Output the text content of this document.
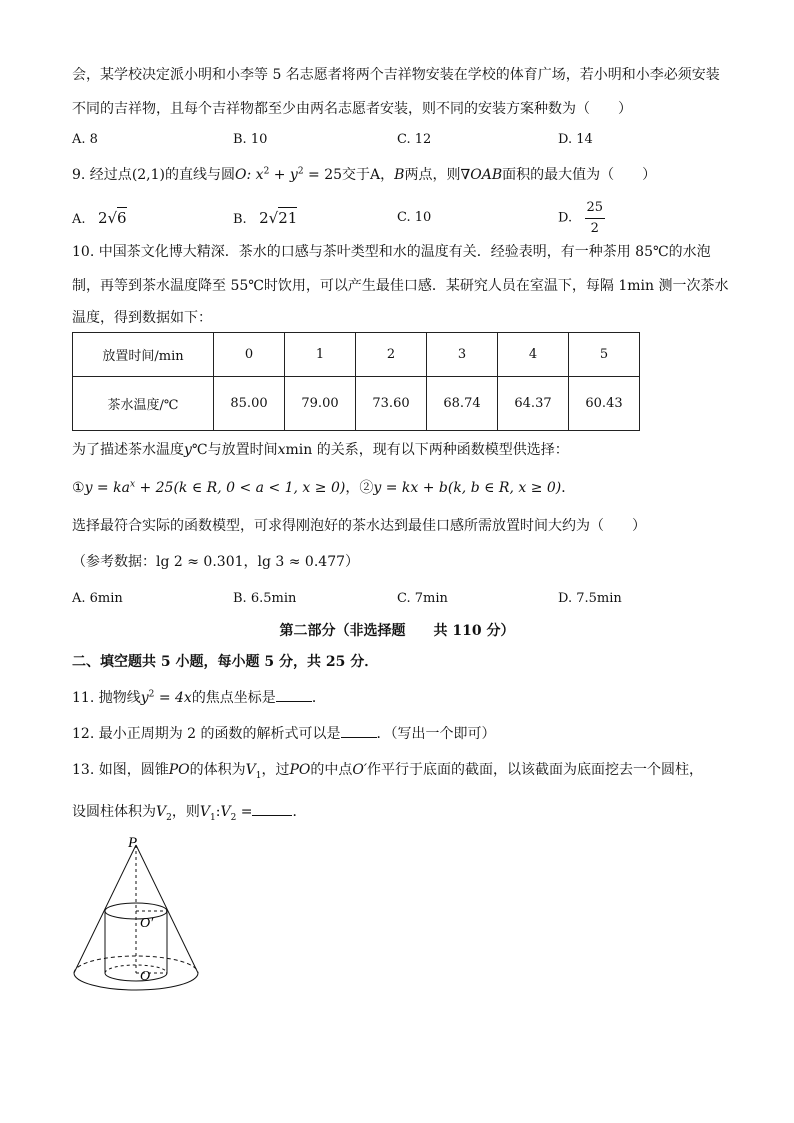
会，某学校决定派小明和小李等 5 名志愿者将两个吉祥物安装在学校的体育广场，若小明和小李必须安装
不同的吉祥物，且每个吉祥物都至少由两名志愿者安装，则不同的安装方案种数为（　　）
A. 8	B. 10	C. 12	D. 14
9. 经过点(2,1)的直线与圆O: $x^2 + y^2 = 25$交于A，B两点，则∇OAB面积的最大值为（　　）
A. 2√6	B. 2√21	C. 10	D. $\frac{25}{2}$
10. 中国茶文化博大精深．茶水的口感与茶叶类型和水的温度有关．经验表明，有一种茶用 85℃的水泡
制，再等到茶水温度降至 55℃时饮用，可以产生最佳口感．某研究人员在室温下，每隔 1min 测一次茶水
温度，得到数据如下：
放置时间/min	0	1	2	3	4	5
茶水温度/℃	85.00	79.00	73.60	68.74	64.37	60.43
为了描述茶水温度y℃与放置时间xmin 的关系，现有以下两种函数模型供选择：
①y = $ka^x + 25(k$ ∈ R, 0 < a < 1, x ≥ 0)，②y = kx + b(k, b ∈ R, x ≥ 0)．
选择最符合实际的函数模型，可求得刚泡好的茶水达到最佳口感所需放置时间大约为（　　）
（参考数据：lg 2 ≈ 0.301，lg 3 ≈ 0.477）
A. 6min	B. 6.5min	C. 7min	D. 7.5min
第二部分（非选择题　　共 110 分）
二、填空题共 5 小题，每小题 5 分，共 25 分．
11. 抛物线$y^2 = 4x$的焦点坐标是	．
12. 最小正周期为 2 的函数的解析式可以是	．（写出一个即可）
13. 如图，圆锥PO的体积为$V_1$，过PO的中点O′作平行于底面的截面，以该截面为底面挖去一个圆柱，
设圆柱体积为$V_2$，则$V_1:V_2$ =	．
P
O′
O
